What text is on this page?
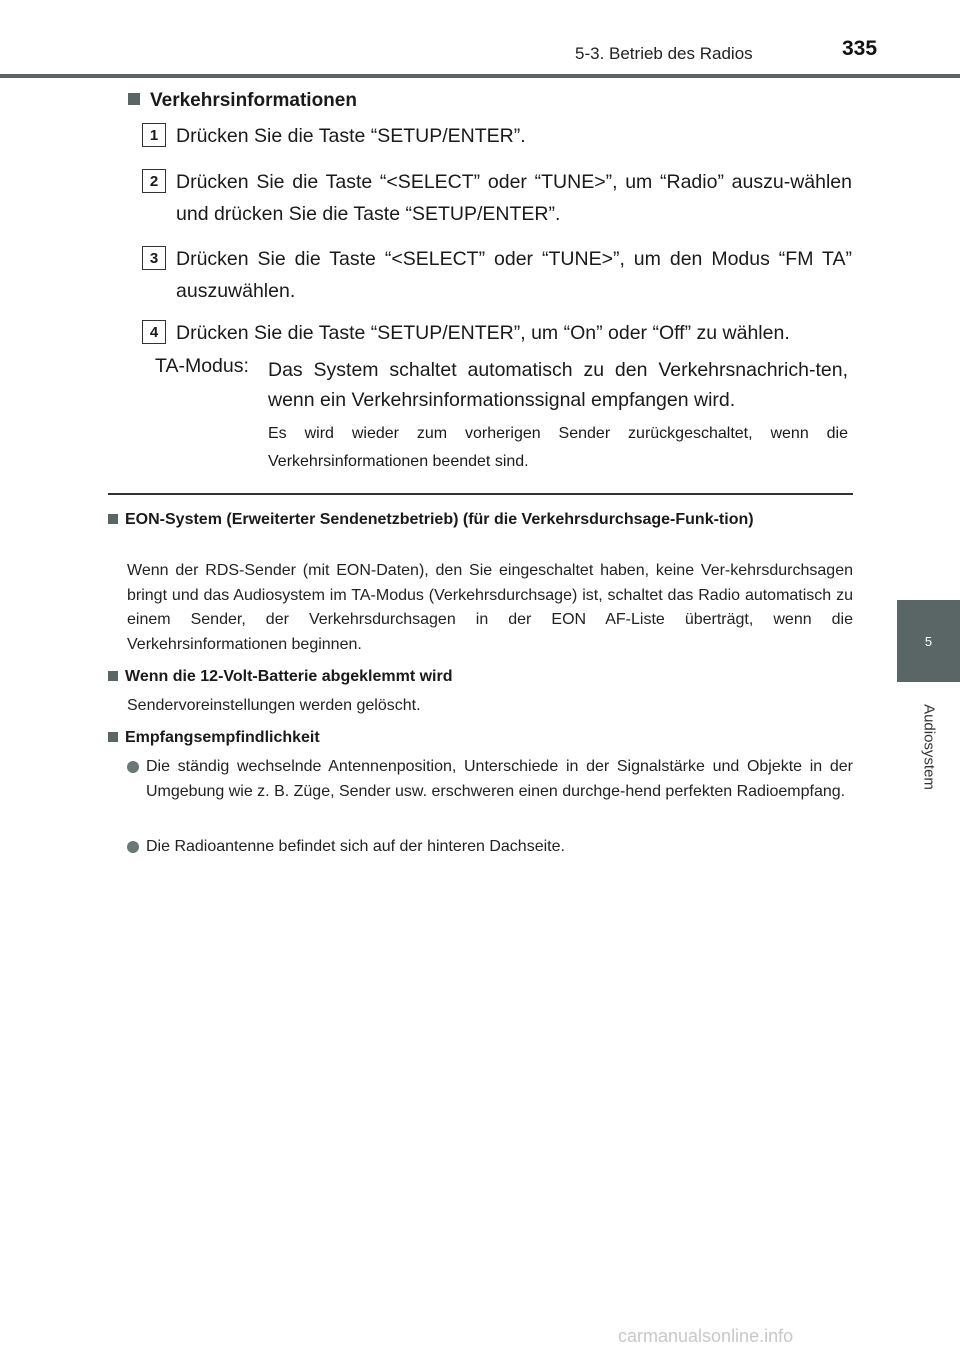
5-3. Betrieb des Radios	335
5
Audiosystem
Verkehrsinformationen
1 Drücken Sie die Taste “SETUP/ENTER”.
2 Drücken Sie die Taste “<SELECT” oder “TUNE>”, um “Radio” auszu-wählen und drücken Sie die Taste “SETUP/ENTER”.
3 Drücken Sie die Taste “<SELECT” oder “TUNE>”, um den Modus “FM TA” auszuwählen.
4 Drücken Sie die Taste “SETUP/ENTER”, um “On” oder “Off” zu wählen.
TA-Modus: Das System schaltet automatisch zu den Verkehrsnachrich-ten, wenn ein Verkehrsinformationssignal empfangen wird.
Es wird wieder zum vorherigen Sender zurückgeschaltet, wenn die Verkehrsinformationen beendet sind.
EON-System (Erweiterter Sendenetzbetrieb) (für die Verkehrsdurchsage-Funk-tion)
Wenn der RDS-Sender (mit EON-Daten), den Sie eingeschaltet haben, keine Ver-kehrsdurchsagen bringt und das Audiosystem im TA-Modus (Verkehrsdurchsage) ist, schaltet das Radio automatisch zu einem Sender, der Verkehrsdurchsagen in der EON AF-Liste überträgt, wenn die Verkehrsinformationen beginnen.
Wenn die 12-Volt-Batterie abgeklemmt wird
Sendervoreinstellungen werden gelöscht.
Empfangsempfindlichkeit
Die ständig wechselnde Antennenposition, Unterschiede in der Signalstärke und Objekte in der Umgebung wie z. B. Züge, Sender usw. erschweren einen durchge-hend perfekten Radioempfang.
Die Radioantenne befindet sich auf der hinteren Dachseite.
carmanualsonline.info
